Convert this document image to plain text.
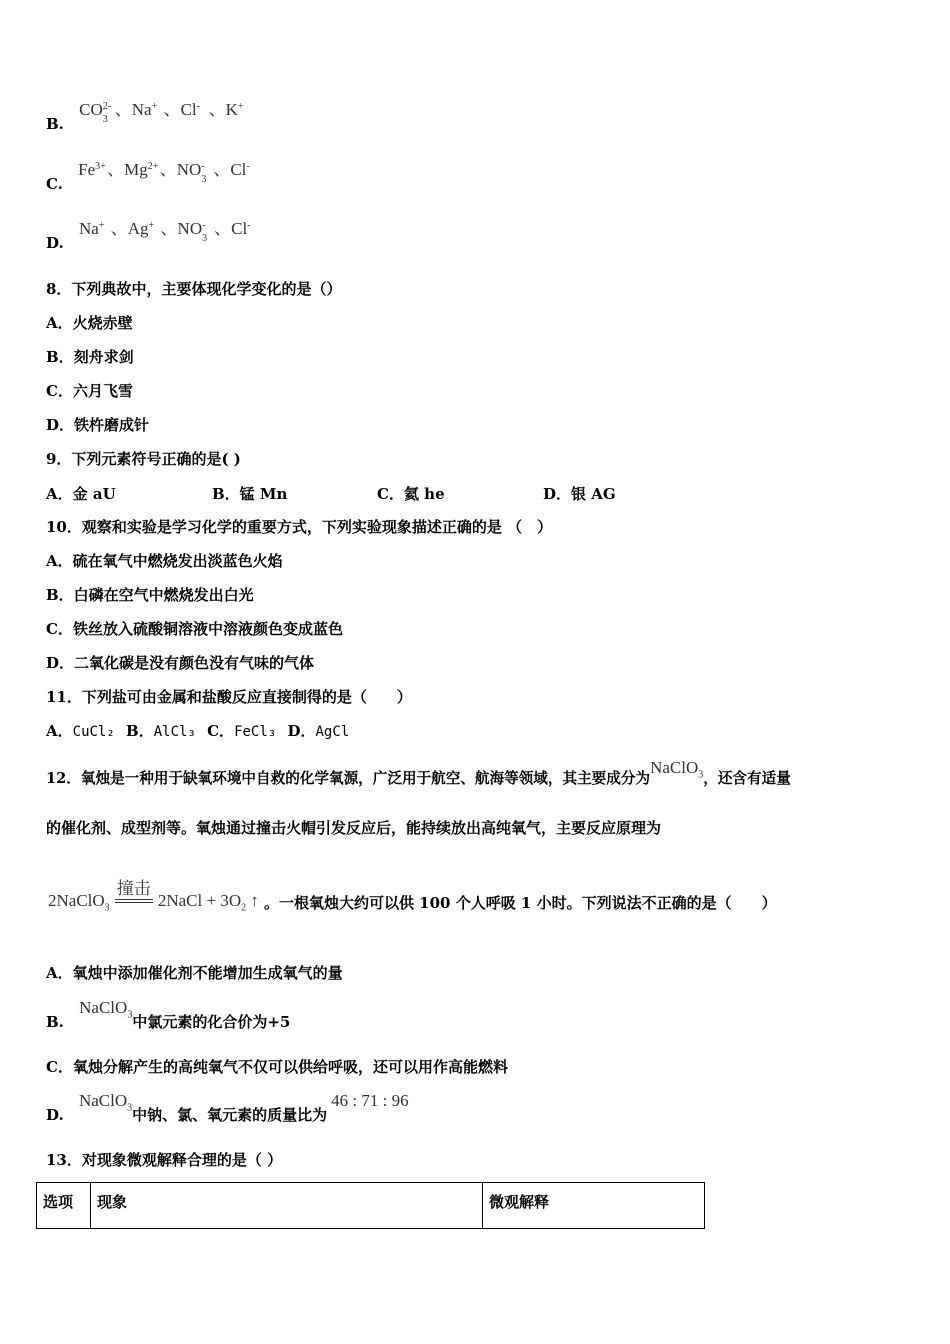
B. CO 2-
3
、Na + 、Cl - 、K +
C. Fe 3+ 、Mg 2+ 、NO -
3
、Cl -
D. Na + 、Ag + 、NO -
3
、Cl -
8．下列典故中，主要体现化学变化的是（）
A．火烧赤壁
B．刻舟求剑
C．六月飞雪
D．铁杵磨成针
9．下列元素符号正确的是( )
A．金 aU	B．锰 Mn	C．氦 he	D．银 AG
10．观察和实验是学习化学的重要方式，下列实验现象描述正确的是 （　）
A．硫在氧气中燃烧发出淡蓝色火焰
B．白磷在空气中燃烧发出白光
C．铁丝放入硫酸铜溶液中溶液颜色变成蓝色
D．二氧化碳是没有颜色没有气味的气体
11．下列盐可由金属和盐酸反应直接制得的是（　　）
A．CuCl₂ B．AlCl₃ C．FeCl₃ D．AgCl
12．氧烛是一种用于缺氧环境中自救的化学氧源，广泛用于航空、航海等领域，其主要成分为NaClO$_3$，还含有适量
的催化剂、成型剂等。氧烛通过撞击火帽引发反应后，能持续放出高纯氧气，主要反应原理为
2NaClO$_3$
撞击
2NaCl + $3O_2$ ↑ 。一根氧烛大约可以供 100 个人呼吸 1 小时。下列说法不正确的是（　　）
A．氧烛中添加催化剂不能增加生成氧气的量
B. NaClO$_3$中氯元素的化合价为+5
C．氧烛分解产生的高纯氧气不仅可以供给呼吸，还可以用作高能燃料
D. NaClO$_3$中钠、氯、氧元素的质量比为46 : 71 : 96
13．对现象微观解释合理的是（ ）
选项	现象	微观解释
